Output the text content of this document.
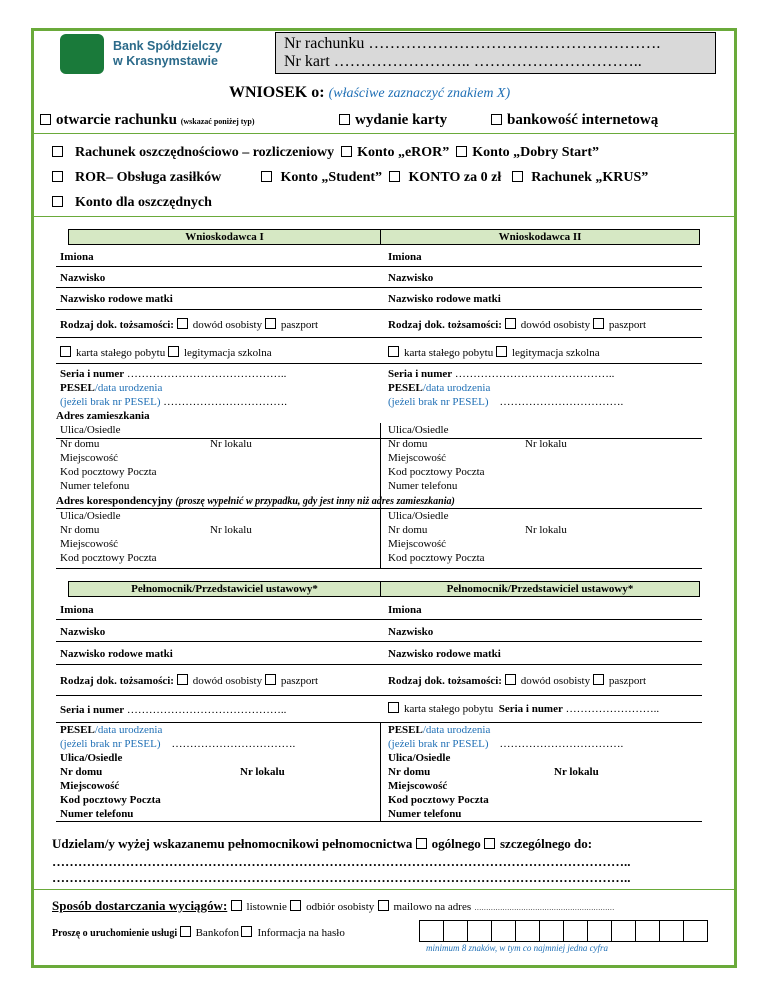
Bank Spółdzielczy
w Krasnymstawie
Nr rachunku ……………………………………………….
Nr kart …………………….. …………………………..
WNIOSEK o: (właściwe zaznaczyć znakiem X)
otwarcie rachunku (wskazać poniżej typ)	wydanie karty	bankowość internetową
Rachunek oszczędnościowo – rozliczeniowy Konto „eROR” Konto „Dobry Start”
ROR– Obsługa zasiłków	Konto „Student” KONTO za 0 zł Rachunek „KRUS”
Konto dla oszczędnych
Wnioskodawca I	Wnioskodawca II
Imiona	Imiona
Nazwisko	Nazwisko
Nazwisko rodowe matki	Nazwisko rodowe matki
Rodzaj dok. tożsamości: dowód osobisty paszport	Rodzaj dok. tożsamości: dowód osobisty paszport
karta stałego pobytu legitymacja szkolna	karta stałego pobytu legitymacja szkolna
Seria i numer ……………………………………..	Seria i numer ……………………………………..
PESEL/data urodzenia	PESEL/data urodzenia
(jeżeli brak nr PESEL) …………………………….	(jeżeli brak nr PESEL) …………………………….
Adres zamieszkania
Ulica/Osiedle	Ulica/Osiedle
Nr domu	Nr lokalu	Nr domu	Nr lokalu
Miejscowość	Miejscowość
Kod pocztowy Poczta	Kod pocztowy Poczta
Numer telefonu	Numer telefonu
Adres korespondencyjny (proszę wypełnić w przypadku, gdy jest inny niż adres zamieszkania)
Ulica/Osiedle	Ulica/Osiedle
Nr domu	Nr lokalu	Nr domu	Nr lokalu
Miejscowość	Miejscowość
Kod pocztowy Poczta	Kod pocztowy Poczta
Pełnomocnik/Przedstawiciel ustawowy*	Pełnomocnik/Przedstawiciel ustawowy*
Imiona	Imiona
Nazwisko	Nazwisko
Nazwisko rodowe matki	Nazwisko rodowe matki
Rodzaj dok. tożsamości: dowód osobisty paszport	Rodzaj dok. tożsamości: dowód osobisty paszport
Seria i numer ……………………………………..	karta stałego pobytu Seria i numer ……………………..
PESEL/data urodzenia	PESEL/data urodzenia
(jeżeli brak nr PESEL) …………………………….	(jeżeli brak nr PESEL) …………………………….
Ulica/Osiedle	Ulica/Osiedle
Nr domu	Nr lokalu	Nr domu	Nr lokalu
Miejscowość	Miejscowość
Kod pocztowy Poczta	Kod pocztowy Poczta
Numer telefonu	Numer telefonu
Udzielam/y wyżej wskazanemu pełnomocnikowi pełnomocnictwa ogólnego szczególnego do:
……………………………………………………………………………………………………………………..
……………………………………………………………………………………………………………………..
Sposób dostarczania wyciągów: listownie odbiór osobisty mailowo na adres ……………………………………………………
Proszę o uruchomienie usługi Bankofon Informacja na hasło
minimum 8 znaków, w tym co najmniej jedna cyfra
